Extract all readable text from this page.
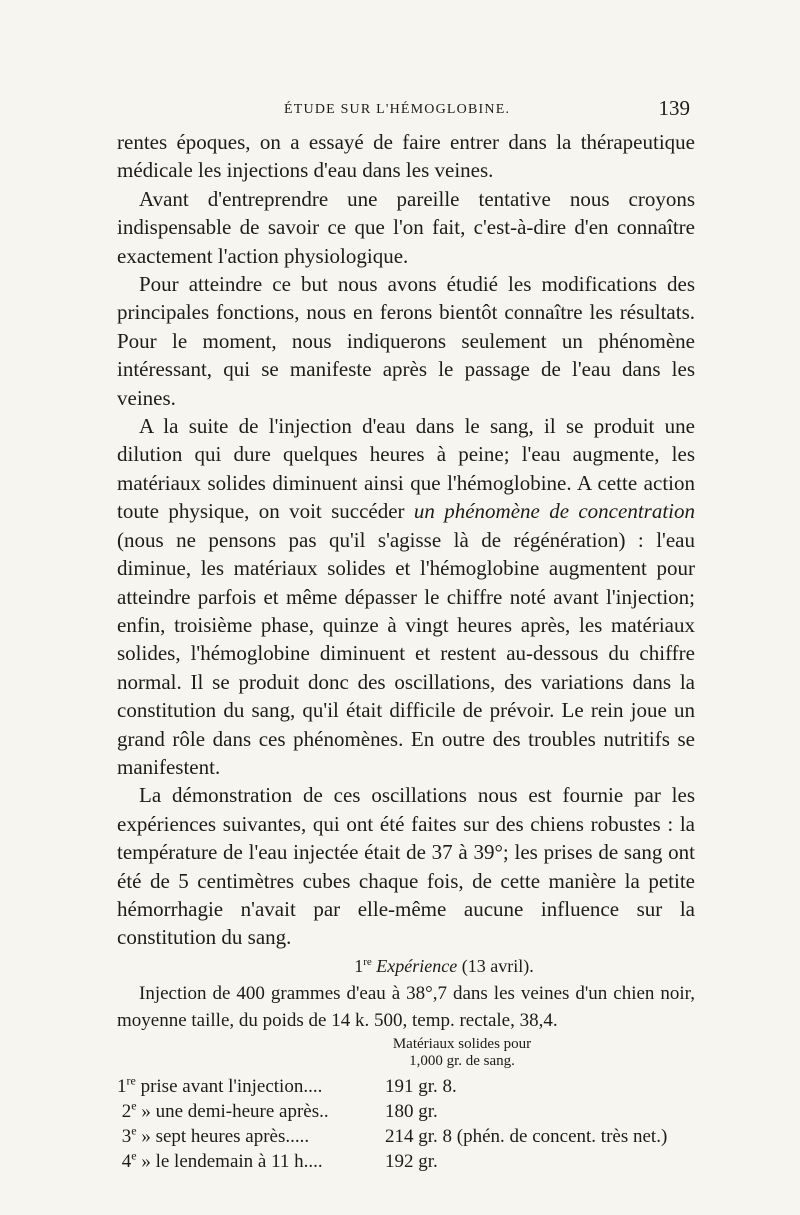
ÉTUDE SUR L'HÉMOGLOBINE.	139

rentes époques, on a essayé de faire entrer dans la thérapeutique médicale les injections d'eau dans les veines.

Avant d'entreprendre une pareille tentative nous croyons indispensable de savoir ce que l'on fait, c'est-à-dire d'en connaître exactement l'action physiologique.

Pour atteindre ce but nous avons étudié les modifications des principales fonctions, nous en ferons bientôt connaître les résultats. Pour le moment, nous indiquerons seulement un phénomène intéressant, qui se manifeste après le passage de l'eau dans les veines.

A la suite de l'injection d'eau dans le sang, il se produit une dilution qui dure quelques heures à peine; l'eau augmente, les matériaux solides diminuent ainsi que l'hémoglobine. A cette action toute physique, on voit succéder un phénomène de concentration (nous ne pensons pas qu'il s'agisse là de régénération) : l'eau diminue, les matériaux solides et l'hémoglobine augmentent pour atteindre parfois et même dépasser le chiffre noté avant l'injection; enfin, troisième phase, quinze à vingt heures après, les matériaux solides, l'hémoglobine diminuent et restent au-dessous du chiffre normal. Il se produit donc des oscillations, des variations dans la constitution du sang, qu'il était difficile de prévoir. Le rein joue un grand rôle dans ces phénomènes. En outre des troubles nutritifs se manifestent.

La démonstration de ces oscillations nous est fournie par les expériences suivantes, qui ont été faites sur des chiens robustes : la température de l'eau injectée était de 37 à 39°; les prises de sang ont été de 5 centimètres cubes chaque fois, de cette manière la petite hémorrhagie n'avait par elle-même aucune influence sur la constitution du sang.

1re Expérience (13 avril).

Injection de 400 grammes d'eau à 38°,7 dans les veines d'un chien noir, moyenne taille, du poids de 14 k. 500, temp. rectale, 38,4.

Matériaux solides pour
1,000 gr. de sang.
1re prise avant l'injection....	191 gr. 8.
2e » une demi-heure après..	180 gr.
3e » sept heures après.....	214 gr. 8 (phén. de concent. très net.)
4e » le lendemain à 11 h....	192 gr.
